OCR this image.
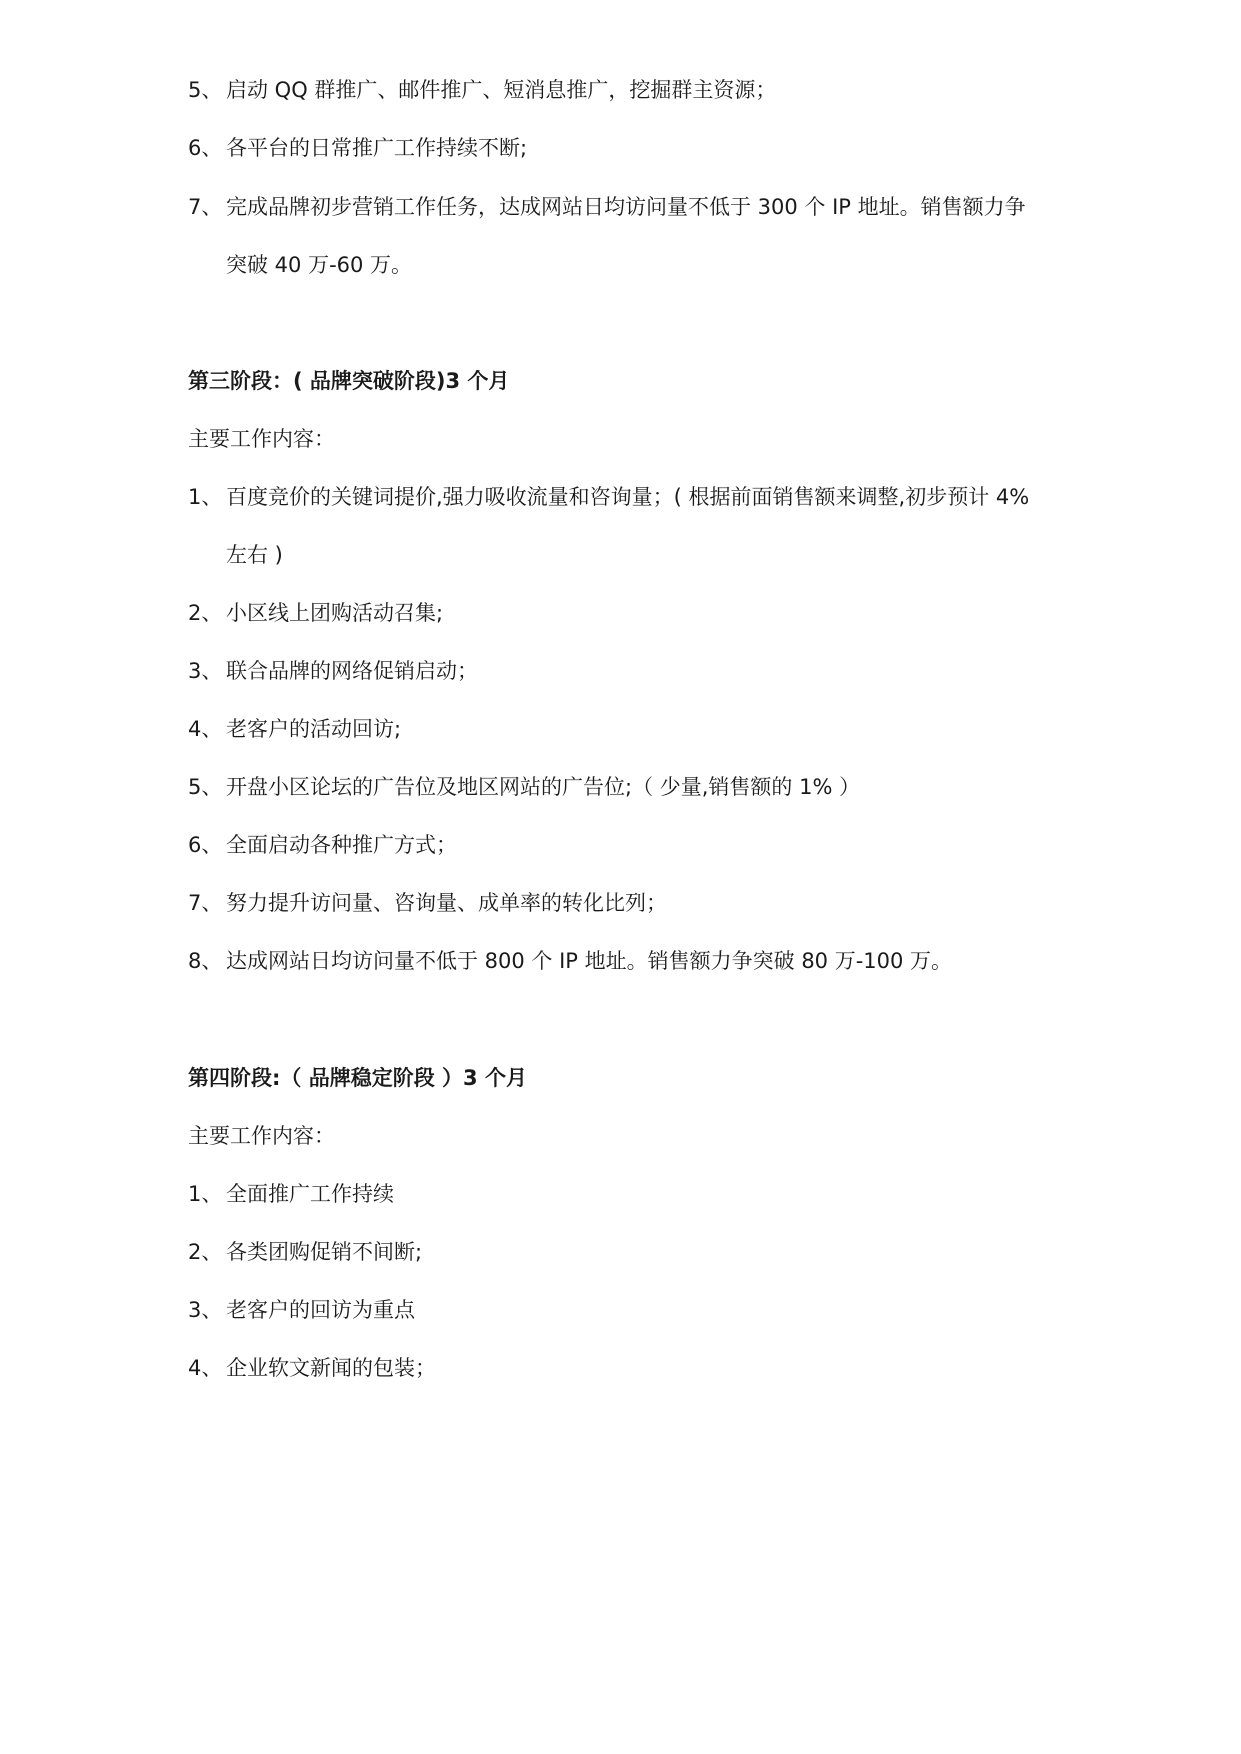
5、 启动 QQ 群推广、邮件推广、短消息推广，挖掘群主资源；
6、 各平台的日常推广工作持续不断;
7、 完成品牌初步营销工作任务，达成网站日均访问量不低于 300 个 IP 地址。销售额力争
突破 40 万-60 万。
第三阶段：( 品牌突破阶段)3 个月
主要工作内容：
1、 百度竞价的关键词提价,强力吸收流量和咨询量；( 根据前面销售额来调整,初步预计 4%
左右 )
2、 小区线上团购活动召集;
3、 联合品牌的网络促销启动；
4、 老客户的活动回访;
5、 开盘小区论坛的广告位及地区网站的广告位;（ 少量,销售额的 1% ）
6、 全面启动各种推广方式；
7、 努力提升访问量、咨询量、成单率的转化比列；
8、 达成网站日均访问量不低于 800 个 IP 地址。销售额力争突破 80 万-100 万。
第四阶段:（ 品牌稳定阶段 ）3 个月
主要工作内容：
1、 全面推广工作持续
2、 各类团购促销不间断;
3、 老客户的回访为重点
4、 企业软文新闻的包装；
